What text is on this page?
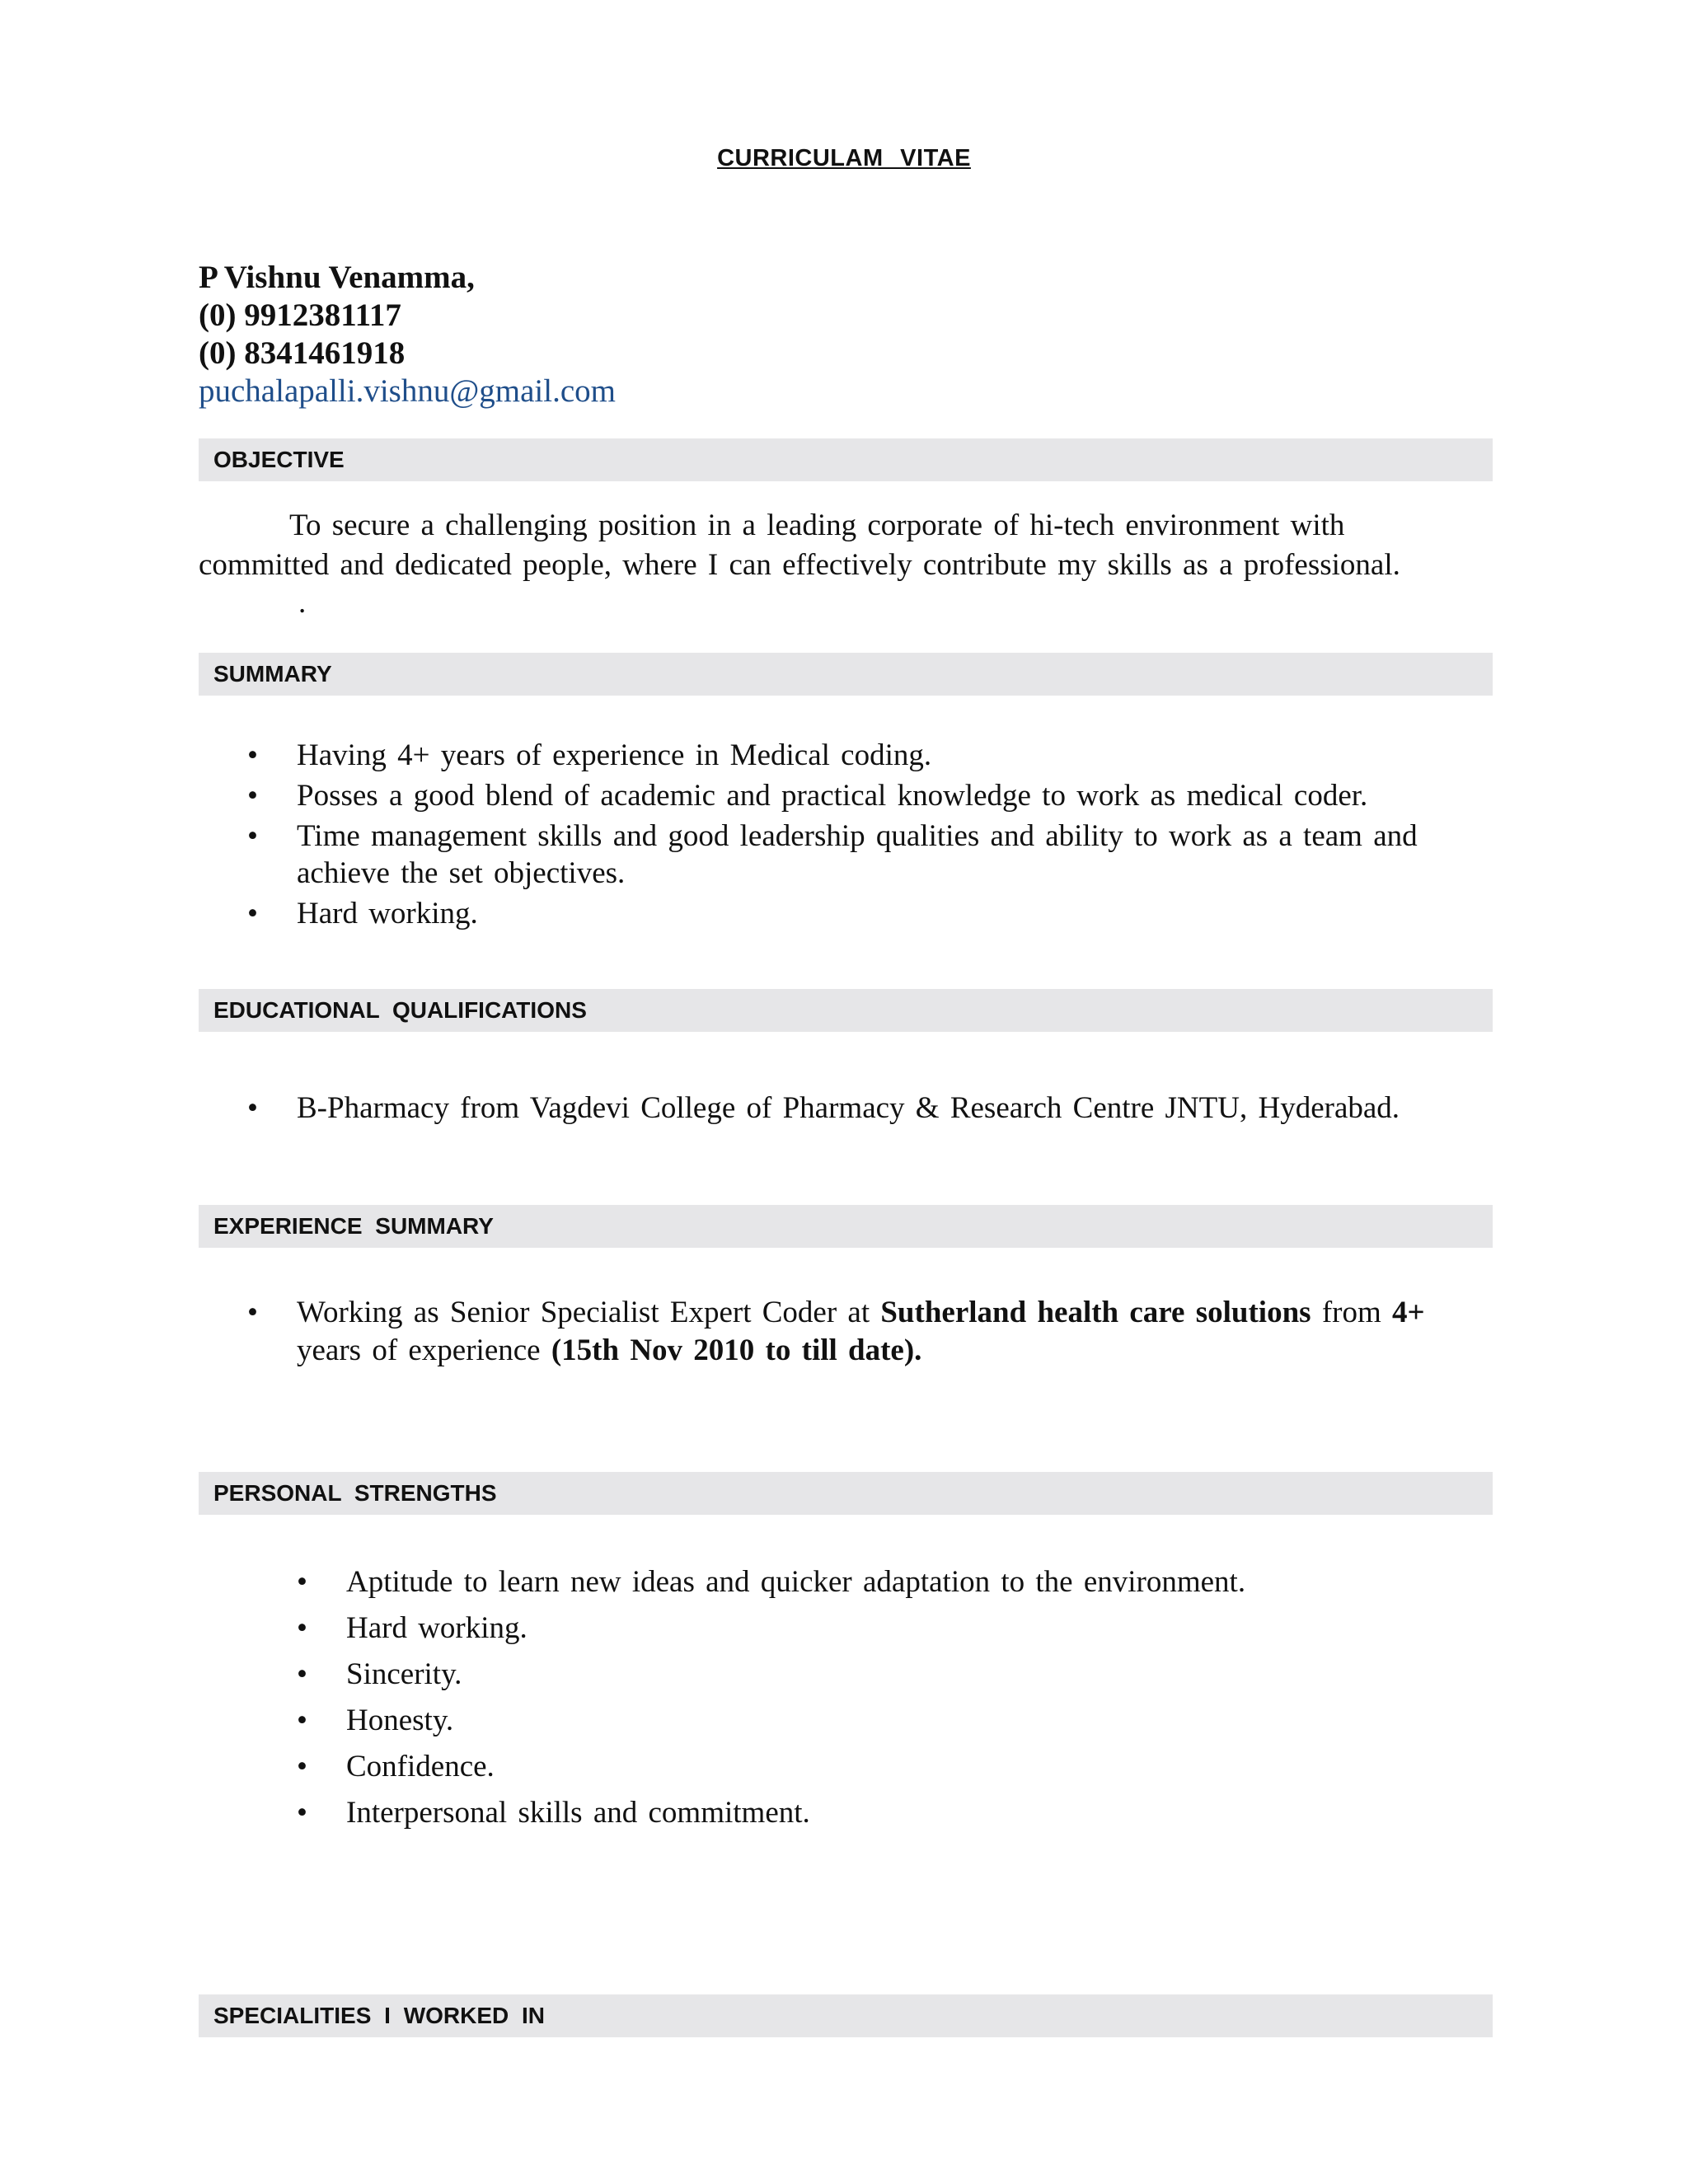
CURRICULAM VITAE
P Vishnu Venamma,
(0) 9912381117
(0) 8341461918
puchalapalli.vishnu@gmail.com
OBJECTIVE
To secure a challenging position in a leading corporate of hi-tech environment with
committed and dedicated people, where I can effectively contribute my skills as a professional.
.
SUMMARY
• Having 4+ years of experience in Medical coding.
• Posses a good blend of academic and practical knowledge to work as medical coder.
• Time management skills and good leadership qualities and ability to work as a team and achieve the set objectives.
• Hard working.
EDUCATIONAL QUALIFICATIONS
• B-Pharmacy from Vagdevi College of Pharmacy & Research Centre JNTU, Hyderabad.
EXPERIENCE SUMMARY
• Working as Senior Specialist Expert Coder at Sutherland health care solutions from 4+ years of experience (15th Nov 2010 to till date).
PERSONAL STRENGTHS
• Aptitude to learn new ideas and quicker adaptation to the environment.
• Hard working.
• Sincerity.
• Honesty.
• Confidence.
• Interpersonal skills and commitment.
SPECIALITIES I WORKED IN
